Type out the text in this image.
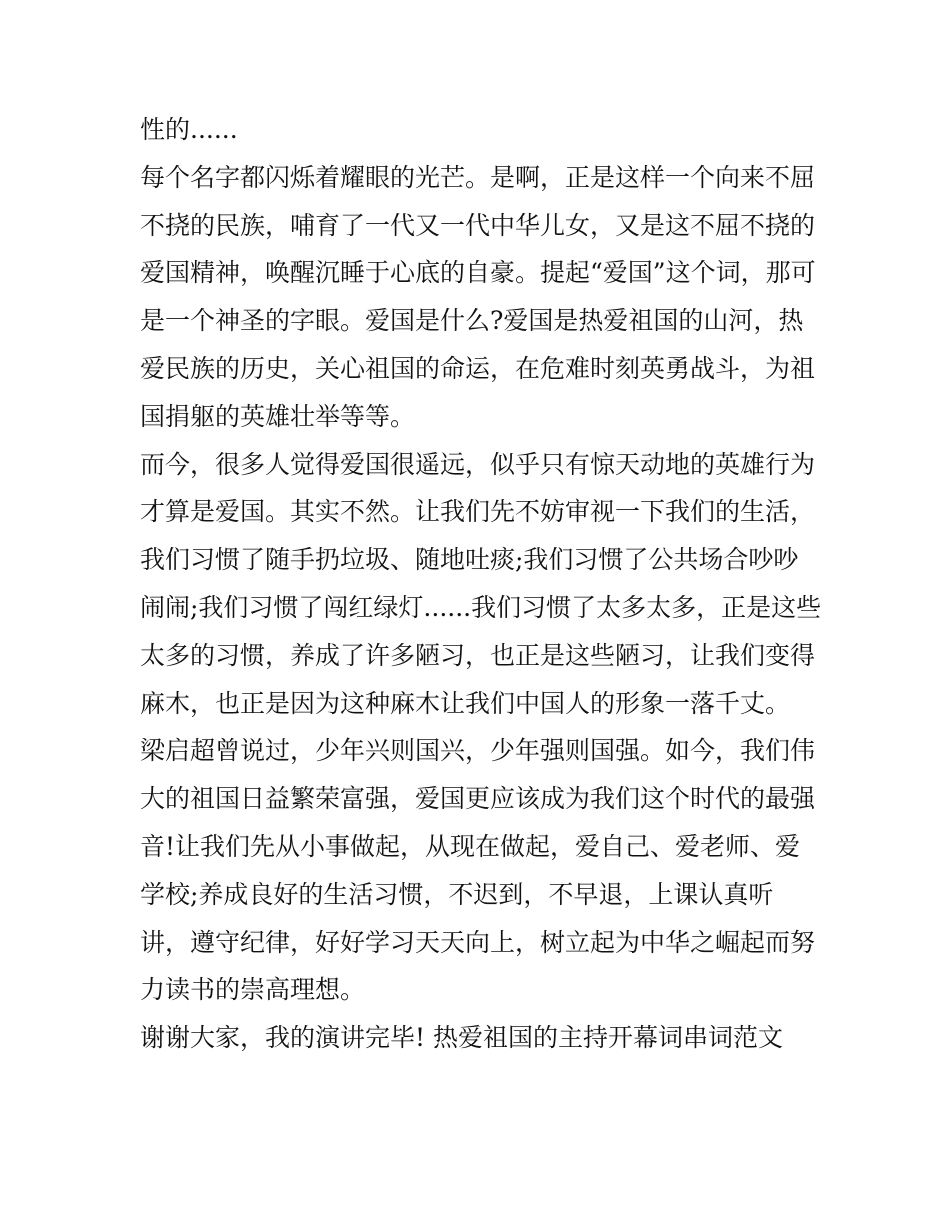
性的......
每个名字都闪烁着耀眼的光芒。是啊，正是这样一个向来不屈
不挠的民族，哺育了一代又一代中华儿女，又是这不屈不挠的
爱国精神，唤醒沉睡于心底的自豪。提起“爱国”这个词，那可
是一个神圣的字眼。爱国是什么?爱国是热爱祖国的山河，热
爱民族的历史，关心祖国的命运，在危难时刻英勇战斗，为祖
国捐躯的英雄壮举等等。
而今，很多人觉得爱国很遥远，似乎只有惊天动地的英雄行为
才算是爱国。其实不然。让我们先不妨审视一下我们的生活，
我们习惯了随手扔垃圾、随地吐痰;我们习惯了公共场合吵吵
闹闹;我们习惯了闯红绿灯......我们习惯了太多太多，正是这些
太多的习惯，养成了许多陋习，也正是这些陋习，让我们变得
麻木，也正是因为这种麻木让我们中国人的形象一落千丈。
梁启超曾说过，少年兴则国兴，少年强则国强。如今，我们伟
大的祖国日益繁荣富强，爱国更应该成为我们这个时代的最强
音!让我们先从小事做起，从现在做起，爱自己、爱老师、爱
学校;养成良好的生活习惯，不迟到，不早退，上课认真听
讲，遵守纪律，好好学习天天向上，树立起为中华之崛起而努
力读书的崇高理想。
谢谢大家，我的演讲完毕! 热爱祖国的主持开幕词串词范文
